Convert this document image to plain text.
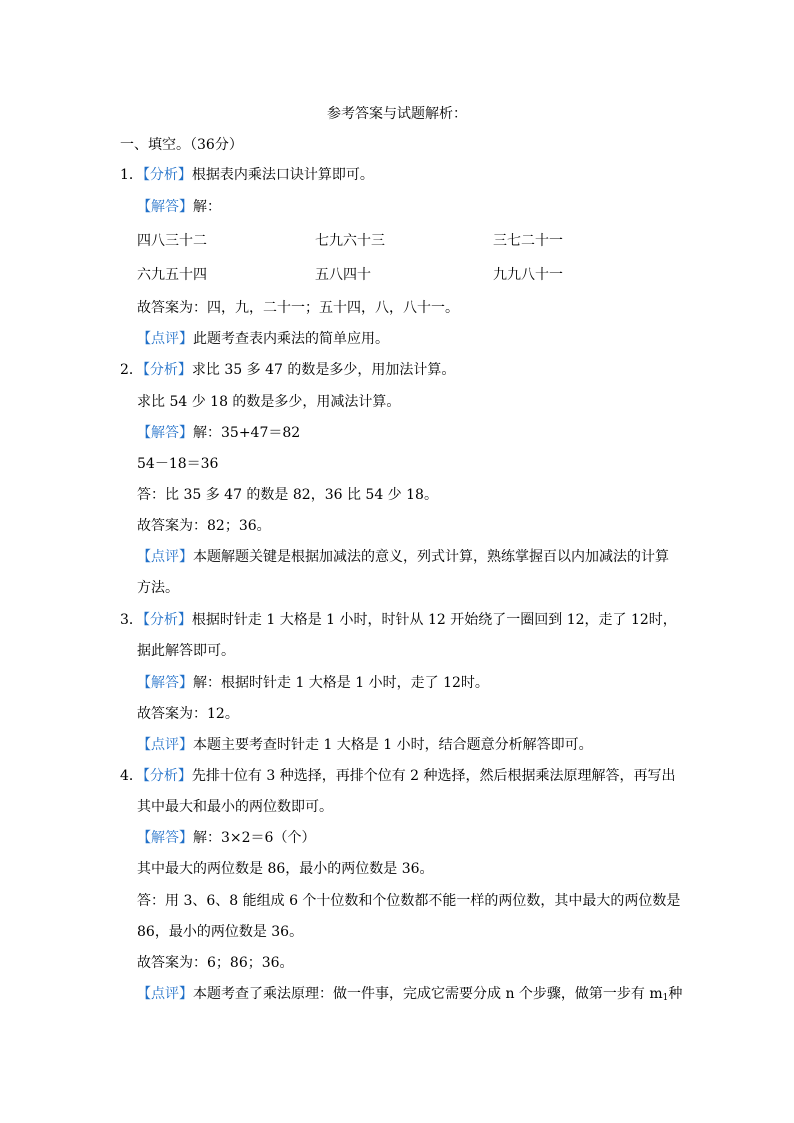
参考答案与试题解析：
一、填空。（36分）
1．【分析】根据表内乘法口诀计算即可。
【解答】解：
四八三十二	七九六十三	三七二十一
六九五十四	五八四十	九九八十一
故答案为：四，九，二十一；五十四，八，八十一。
【点评】此题考查表内乘法的简单应用。
2．【分析】求比 35 多 47 的数是多少，用加法计算。
求比 54 少 18 的数是多少，用减法计算。
【解答】解：35+47＝82
54－18＝36
答：比 35 多 47 的数是 82，36 比 54 少 18。
故答案为：82；36。
【点评】本题解题关键是根据加减法的意义，列式计算，熟练掌握百以内加减法的计算
方法。
3．【分析】根据时针走 1 大格是 1 小时，时针从 12 开始绕了一圈回到 12，走了 12时，
据此解答即可。
【解答】解：根据时针走 1 大格是 1 小时，走了 12时。
故答案为：12。
【点评】本题主要考查时针走 1 大格是 1 小时，结合题意分析解答即可。
4．【分析】先排十位有 3 种选择，再排个位有 2 种选择，然后根据乘法原理解答，再写出
其中最大和最小的两位数即可。
【解答】解：3×2＝6（个）
其中最大的两位数是 86，最小的两位数是 36。
答：用 3、6、8 能组成 6 个十位数和个位数都不能一样的两位数，其中最大的两位数是
86，最小的两位数是 36。
故答案为：6；86；36。
【点评】本题考查了乘法原理：做一件事，完成它需要分成 n 个步骤，做第一步有 $m_1$种
